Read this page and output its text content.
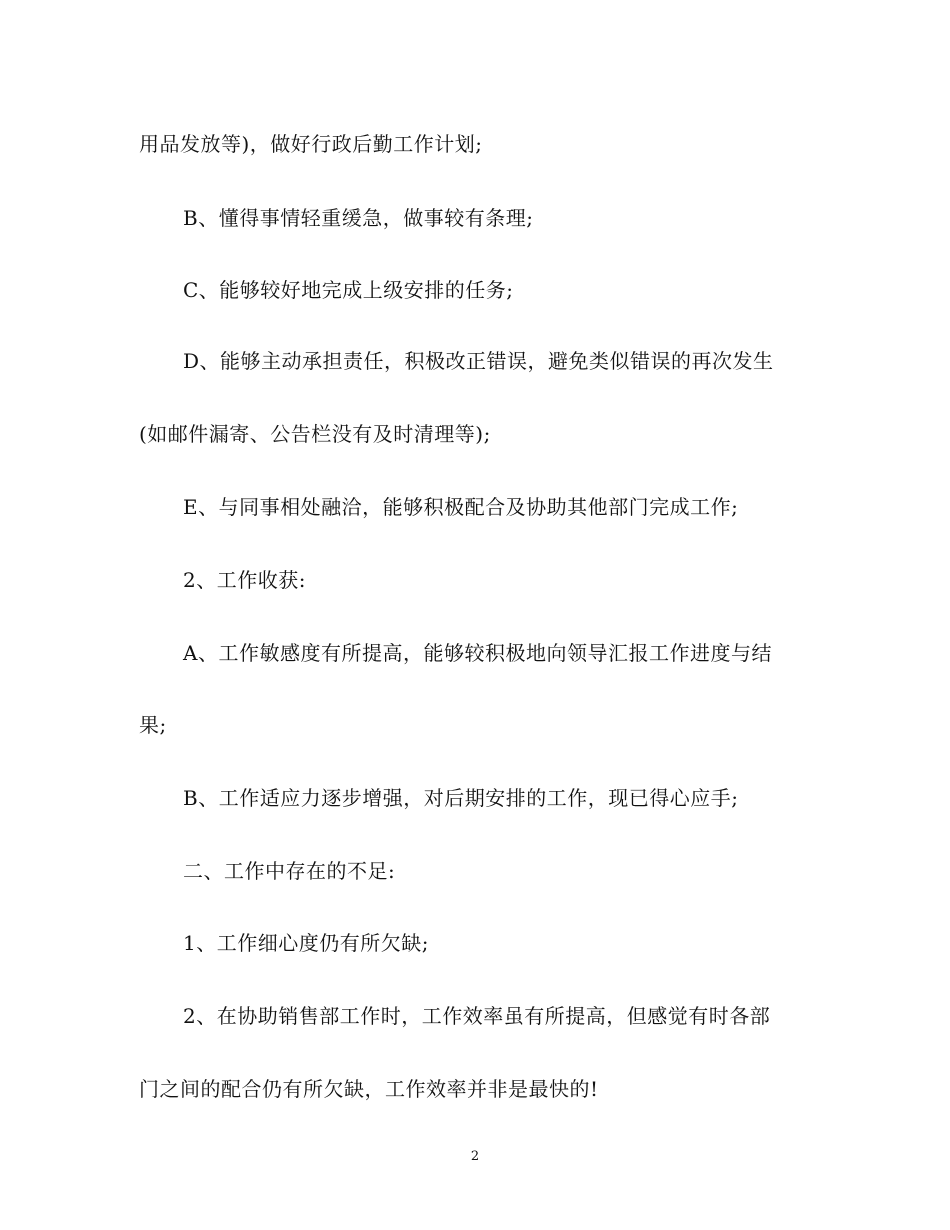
用品发放等)，做好行政后勤工作计划;
B、懂得事情轻重缓急，做事较有条理;
C、能够较好地完成上级安排的任务;
D、能够主动承担责任，积极改正错误，避免类似错误的再次发生
(如邮件漏寄、公告栏没有及时清理等);
E、与同事相处融洽，能够积极配合及协助其他部门完成工作;
2、工作收获:
A、工作敏感度有所提高，能够较积极地向领导汇报工作进度与结
果;
B、工作适应力逐步增强，对后期安排的工作，现已得心应手;
二、工作中存在的不足:
1、工作细心度仍有所欠缺;
2、在协助销售部工作时，工作效率虽有所提高，但感觉有时各部
门之间的配合仍有所欠缺，工作效率并非是最快的!
2
